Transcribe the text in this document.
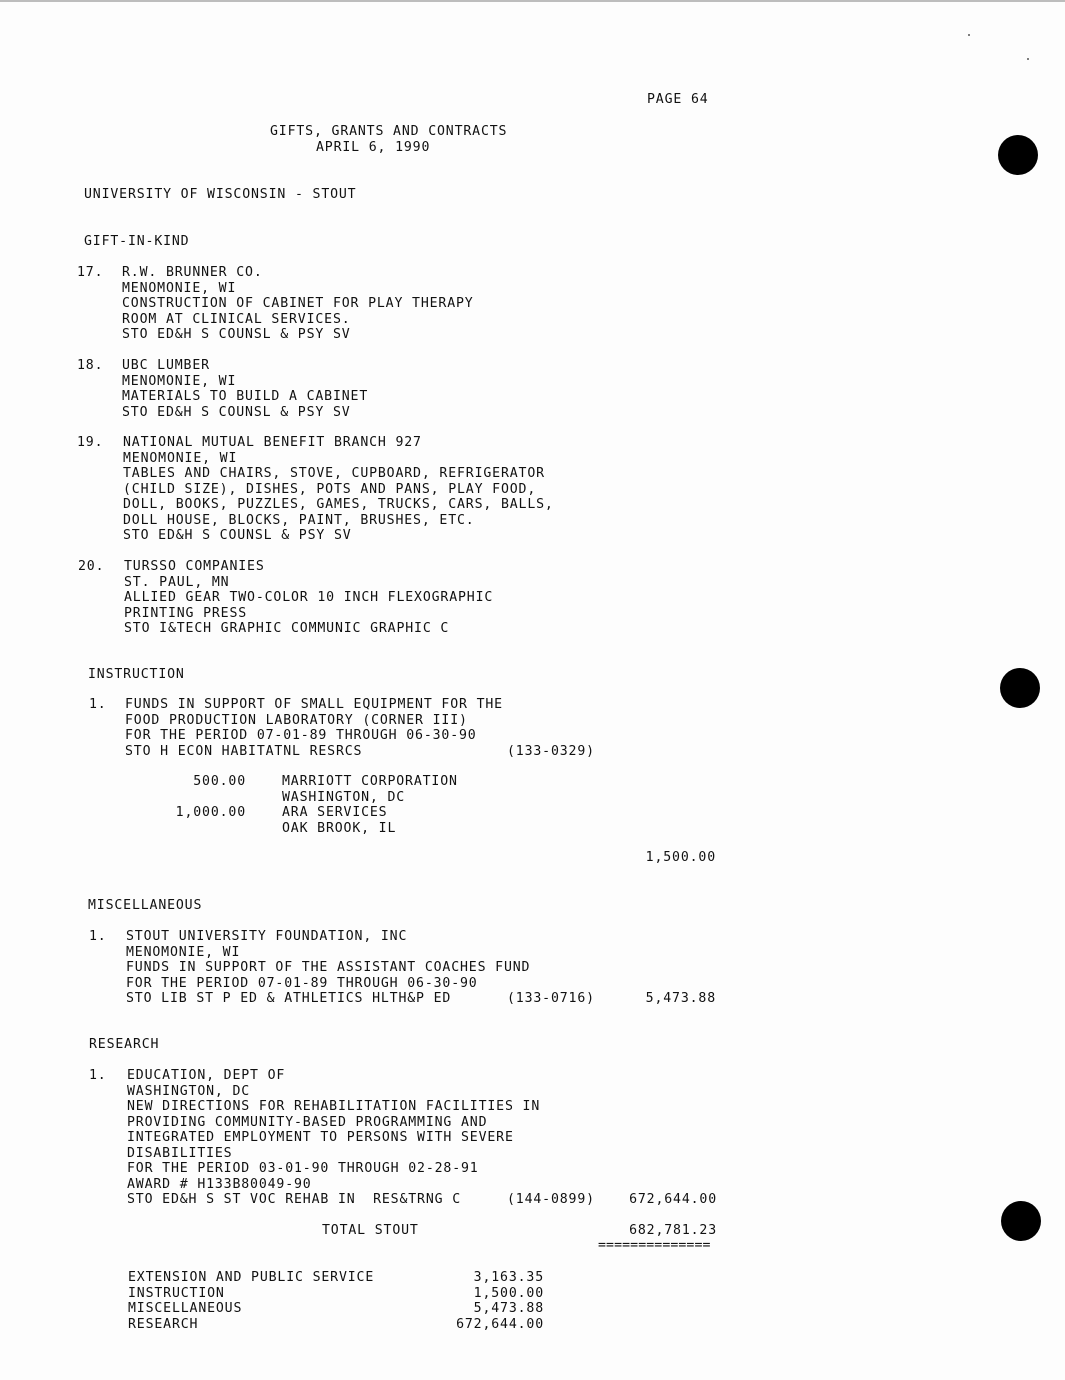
PAGE 64
GIFTS, GRANTS AND CONTRACTS
APRIL 6, 1990
UNIVERSITY OF WISCONSIN - STOUT
GIFT-IN-KIND
17. R.W. BRUNNER CO.
MENOMONIE, WI
CONSTRUCTION OF CABINET FOR PLAY THERAPY
ROOM AT CLINICAL SERVICES.
STO ED&H S COUNSL & PSY SV
18. UBC LUMBER
MENOMONIE, WI
MATERIALS TO BUILD A CABINET
STO ED&H S COUNSL & PSY SV
19. NATIONAL MUTUAL BENEFIT BRANCH 927
MENOMONIE, WI
TABLES AND CHAIRS, STOVE, CUPBOARD, REFRIGERATOR
(CHILD SIZE), DISHES, POTS AND PANS, PLAY FOOD,
DOLL, BOOKS, PUZZLES, GAMES, TRUCKS, CARS, BALLS,
DOLL HOUSE, BLOCKS, PAINT, BRUSHES, ETC.
STO ED&H S COUNSL & PSY SV
20. TURSSO COMPANIES
ST. PAUL, MN
ALLIED GEAR TWO-COLOR 10 INCH FLEXOGRAPHIC
PRINTING PRESS
STO I&TECH GRAPHIC COMMUNIC GRAPHIC C
INSTRUCTION
1. FUNDS IN SUPPORT OF SMALL EQUIPMENT FOR THE
FOOD PRODUCTION LABORATORY (CORNER III)
FOR THE PERIOD 07-01-89 THROUGH 06-30-90
STO H ECON HABITATNL RESRCS	(133-0329)
500.00	MARRIOTT CORPORATION
WASHINGTON, DC
1,000.00	ARA SERVICES
OAK BROOK, IL
1,500.00
MISCELLANEOUS
1. STOUT UNIVERSITY FOUNDATION, INC
MENOMONIE, WI
FUNDS IN SUPPORT OF THE ASSISTANT COACHES FUND
FOR THE PERIOD 07-01-89 THROUGH 06-30-90
STO LIB ST P ED & ATHLETICS HLTH&P ED	(133-0716)	5,473.88
RESEARCH
1. EDUCATION, DEPT OF
WASHINGTON, DC
NEW DIRECTIONS FOR REHABILITATION FACILITIES IN
PROVIDING COMMUNITY-BASED PROGRAMMING AND
INTEGRATED EMPLOYMENT TO PERSONS WITH SEVERE
DISABILITIES
FOR THE PERIOD 03-01-90 THROUGH 02-28-91
AWARD # H133B80049-90
STO ED&H S ST VOC REHAB IN  RES&TRNG C	(144-0899)	672,644.00
TOTAL STOUT	682,781.23
==============
EXTENSION AND PUBLIC SERVICE	3,163.35
INSTRUCTION	1,500.00
MISCELLANEOUS	5,473.88
RESEARCH	672,644.00
